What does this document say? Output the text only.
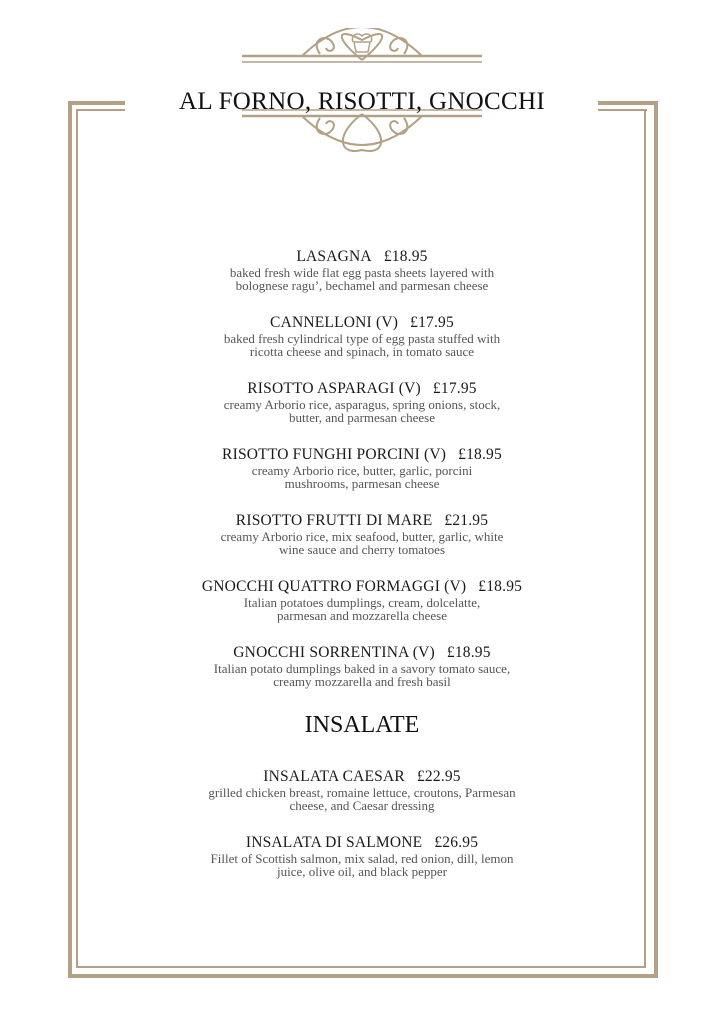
AL FORNO, RISOTTI, GNOCCHI
LASAGNA £18.95
baked fresh wide flat egg pasta sheets layered with
bolognese ragu’, bechamel and parmesan cheese
CANNELLONI (V) £17.95
baked fresh cylindrical type of egg pasta stuffed with
ricotta cheese and spinach, in tomato sauce
RISOTTO ASPARAGI (V) £17.95
creamy Arborio rice, asparagus, spring onions, stock,
butter, and parmesan cheese
RISOTTO FUNGHI PORCINI (V) £18.95
creamy Arborio rice, butter, garlic, porcini
mushrooms, parmesan cheese
RISOTTO FRUTTI DI MARE £21.95
creamy Arborio rice, mix seafood, butter, garlic, white
wine sauce and cherry tomatoes
GNOCCHI QUATTRO FORMAGGI (V) £18.95
Italian potatoes dumplings, cream, dolcelatte,
parmesan and mozzarella cheese
GNOCCHI SORRENTINA (V) £18.95
Italian potato dumplings baked in a savory tomato sauce,
creamy mozzarella and fresh basil
INSALATE
INSALATA CAESAR £22.95
grilled chicken breast, romaine lettuce, croutons, Parmesan
cheese, and Caesar dressing
INSALATA DI SALMONE £26.95
Fillet of Scottish salmon, mix salad, red onion, dill, lemon
juice, olive oil, and black pepper
